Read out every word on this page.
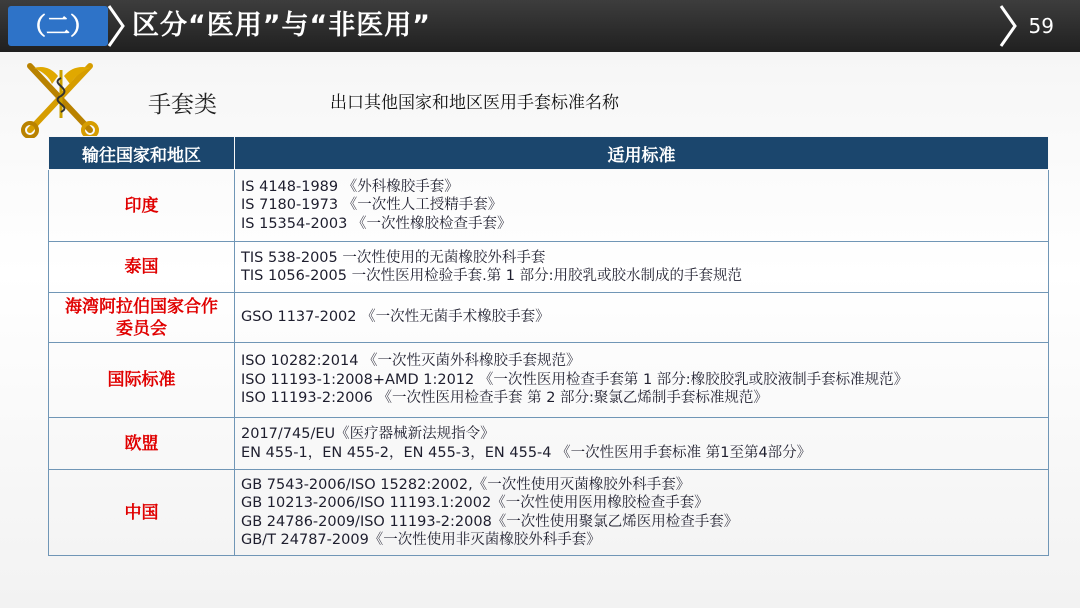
（二）	区分“医用”与“非医用”	59
手套类	出口其他国家和地区医用手套标准名称
输往国家和地区	适用标准
印度	IS 4148-1989 《外科橡胶手套》
IS 7180-1973 《一次性人工授精手套》
IS 15354-2003 《一次性橡胶检查手套》

泰国	TIS 538-2005 一次性使用的无菌橡胶外科手套
TIS 1056-2005 一次性医用检验手套.第 1 部分:用胶乳或胶水制成的手套规范

海湾阿拉伯国家合作委员会	GSO 1137-2002 《一次性无菌手术橡胶手套》

国际标准	ISO 10282:2014 《一次性灭菌外科橡胶手套规范》
ISO 11193-1:2008+AMD 1:2012 《一次性医用检查手套第 1 部分:橡胶胶乳或胶液制手套标准规范》
ISO 11193-2:2006 《一次性医用检查手套 第 2 部分:聚氯乙烯制手套标准规范》

欧盟	2017/745/EU《医疗器械新法规指令》
EN 455-1，EN 455-2，EN 455-3，EN 455-4 《一次性医用手套标准 第1至第4部分》

中国	GB 7543-2006/ISO 15282:2002,《一次性使用灭菌橡胶外科手套》
GB 10213-2006/ISO 11193.1:2002《一次性使用医用橡胶检查手套》
GB 24786-2009/ISO 11193-2:2008《一次性使用聚氯乙烯医用检查手套》
GB/T 24787-2009《一次性使用非灭菌橡胶外科手套》
